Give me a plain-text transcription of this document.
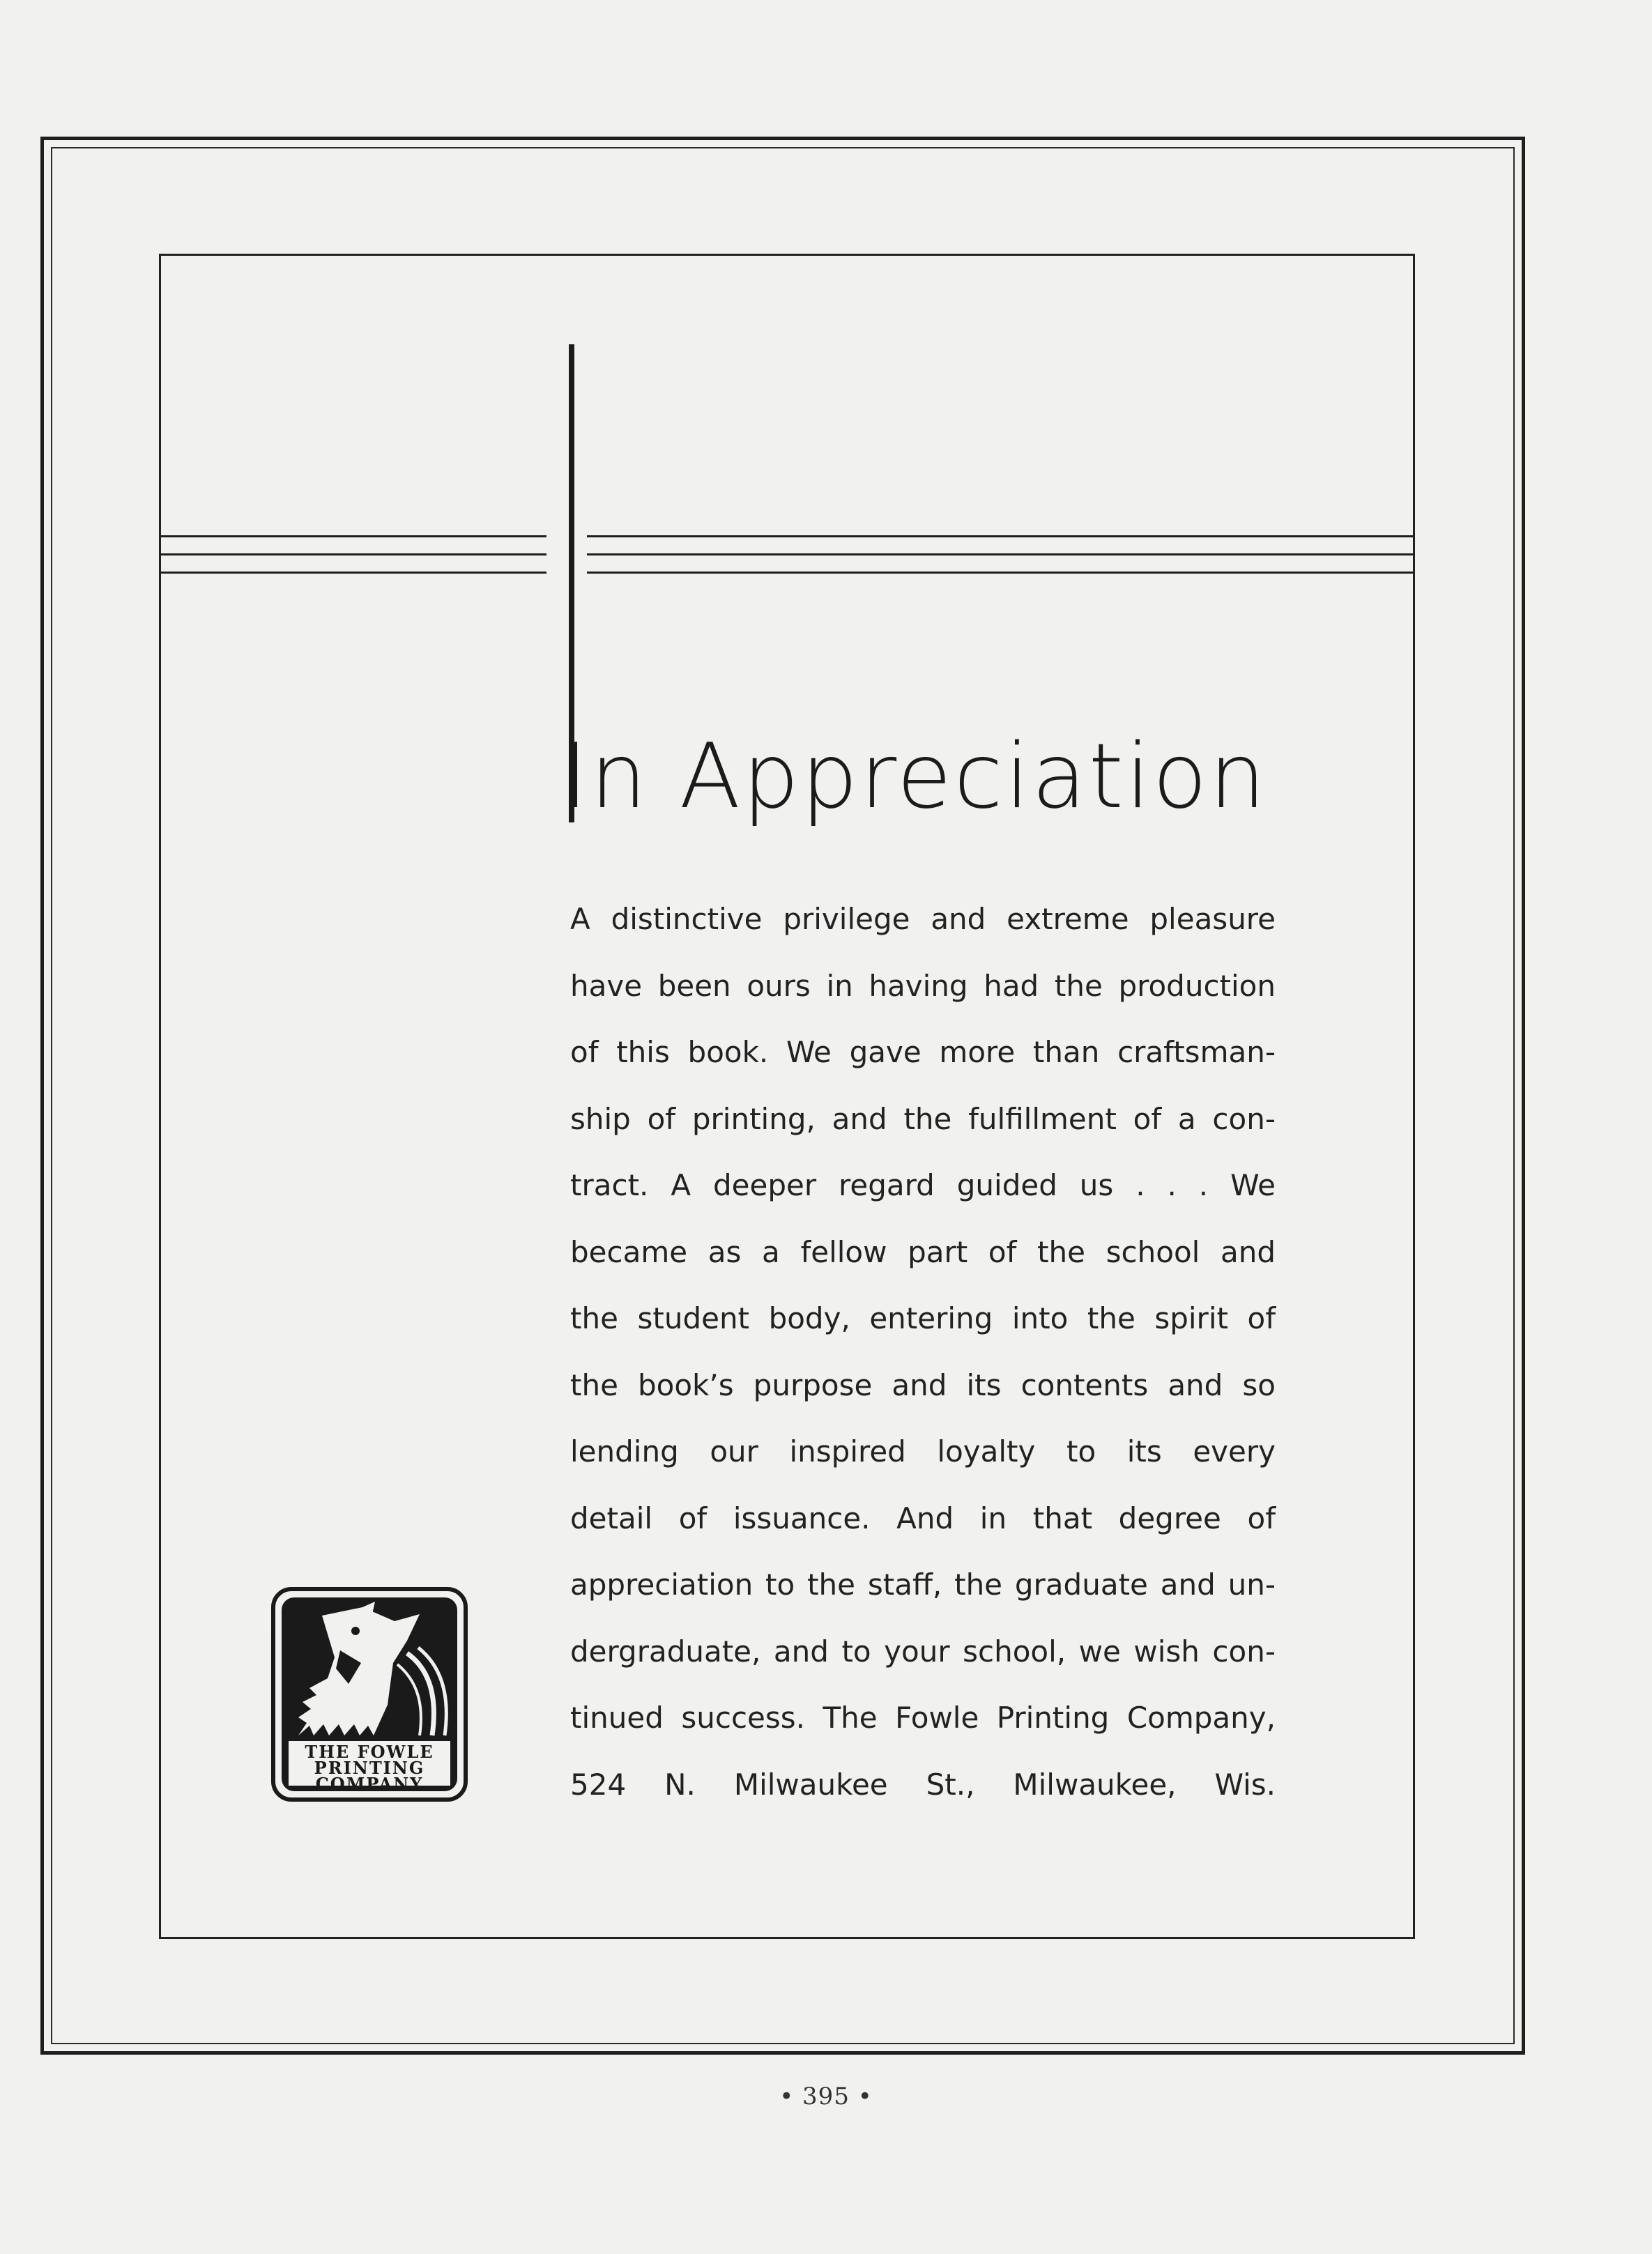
In Appreciation
A distinctive privilege and extreme pleasure
have been ours in having had the production
of this book. We gave more than craftsman-
ship of printing, and the fulfillment of a con-
tract. A deeper regard guided us . . . We
became as a fellow part of the school and
the student body, entering into the spirit of
the book’s purpose and its contents and so
lending our inspired loyalty to its every
detail of issuance. And in that degree of
appreciation to the staff, the graduate and un-
dergraduate, and to your school, we wish con-
tinued success. The Fowle Printing Company,
524 N. Milwaukee St., Milwaukee, Wis.
THE FOWLE
PRINTING
COMPANY
• 395 •
